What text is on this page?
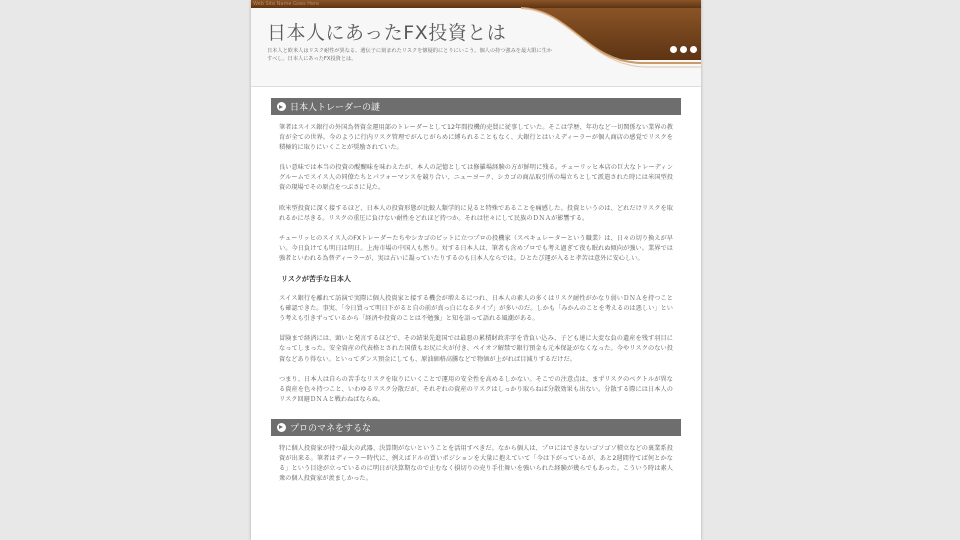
Web Site Name Goes Here
日本人にあったFX投資とは
日本人と欧米人はリスク耐性が異なる。遺伝子に刻まれたリスクを懐疑的にとりにいこう。個人の持つ強みを最大限に生かすべし。日本人にあったFX投資とは。
日本人トレーダーの謎

筆者はスイス銀行の外国為替資金運用部のトレーダーとして12年間投機的売買に従事していた。そこは学歴、年功など一切関係ない業界の教育が全ての世界。今のように行内リスク管理でがんじがらめに縛られることもなく、大銀行とはいえディーラーが個人商店の感覚でリスクを積極的に取りにいくことが奨励されていた。

良い意味では本当の投資の醍醐味を味わえたが、本人の記憶としては修羅場経験の方が鮮明に残る。チューリッヒ本店の巨大なトレーディングルームでスイス人の同僚たちとパフォーマンスを競り合い、ニューヨーク、シカゴの商品取引所の場立ちとして派遣された時には米国型投資の現場でその原点をつぶさに見た。

欧米型投資に深く接するほど、日本人の投資形態が比較人類学的に見ると特殊であることを痛感した。投資というのは、どれだけリスクを取れるかに尽きる。リスクの重圧に負けない耐性をどれほど持つか。それは往々にして民族のＤＮＡが影響する。

チューリッヒのスイス人のFXトレーダーたちやシカゴのピットに立つプロの投機家（スペキュレーターという職業）は、日々の切り換えが早い。今日負けても明日は明日。上海市場の中国人も然り。対する日本人は、筆者も含めプロでも考え過ぎて夜も眠れぬ傾向が強い。業界では強者といわれる為替ディーラーが、実は占いに凝っていたりするのも日本人ならでは。ひとたび運が入ると孝苦は意外に安心しい。

リスクが苦手な日本人

スイス銀行を離れて訪演で実際に個人投資家と接する機会が増えるにつれ、日本人の素人の多くはリスク耐性がかなり弱いＤＮＡを持つことも確認できた。事実、「今日買って明日下がると自の前が真っ白になるタイプ」が多いのだ。しかも「みかんのことを考えるのは悪しい」という考えも引きずっているから「経済や投資のことは不勉強」と知を語って語れる風潮がある。

冒険まで経済には、頭いと発言するほどで、その結果先進国では最悪の累積財政赤字を背負い込み、子ども達に大変な負の遺産を残す羽目になってしまった。安全資産の代表格とされた国債もお尻に火が付き、ペイオフ解禁で銀行預金も元本保証がなくなった。今やリスクのない投資などあり得ない。といってダンス預金にしても、原油価格高騰などで物価が上がれば目減りするだけだ。

つまり、日本人は自らの苦手なリスクを取りにいくことで運用の安全性を高めるしかない。そこでの注意点は、まずリスクのベクトルが異なる資産を色々持つこと、いわゆるリスク分散だが、それぞれの資産のリスクはしっかり取らねば分散効果も出ない。分散する際には日本人のリスク回避ＤＮＡと戦わねばならぬ。

プロのマネをするな

特に個人投資家が持つ最大の武器、決算期がないということを活用すべきだ。なから個人は、プロにはできないゴソゴソ積立などの裏業系投資が出来る。筆者はディーラー時代に、例えばドルの買いポジションを大量に抱えていて「今は下がっているが、あと2週間待てば何とかなる」という目途が立っているのに明日が決算期なので止むなく損切りの売り手仕舞いを強いられた経験が幾らでもあった。こういう時は素人衆の個人投資家が羨ましかった。
